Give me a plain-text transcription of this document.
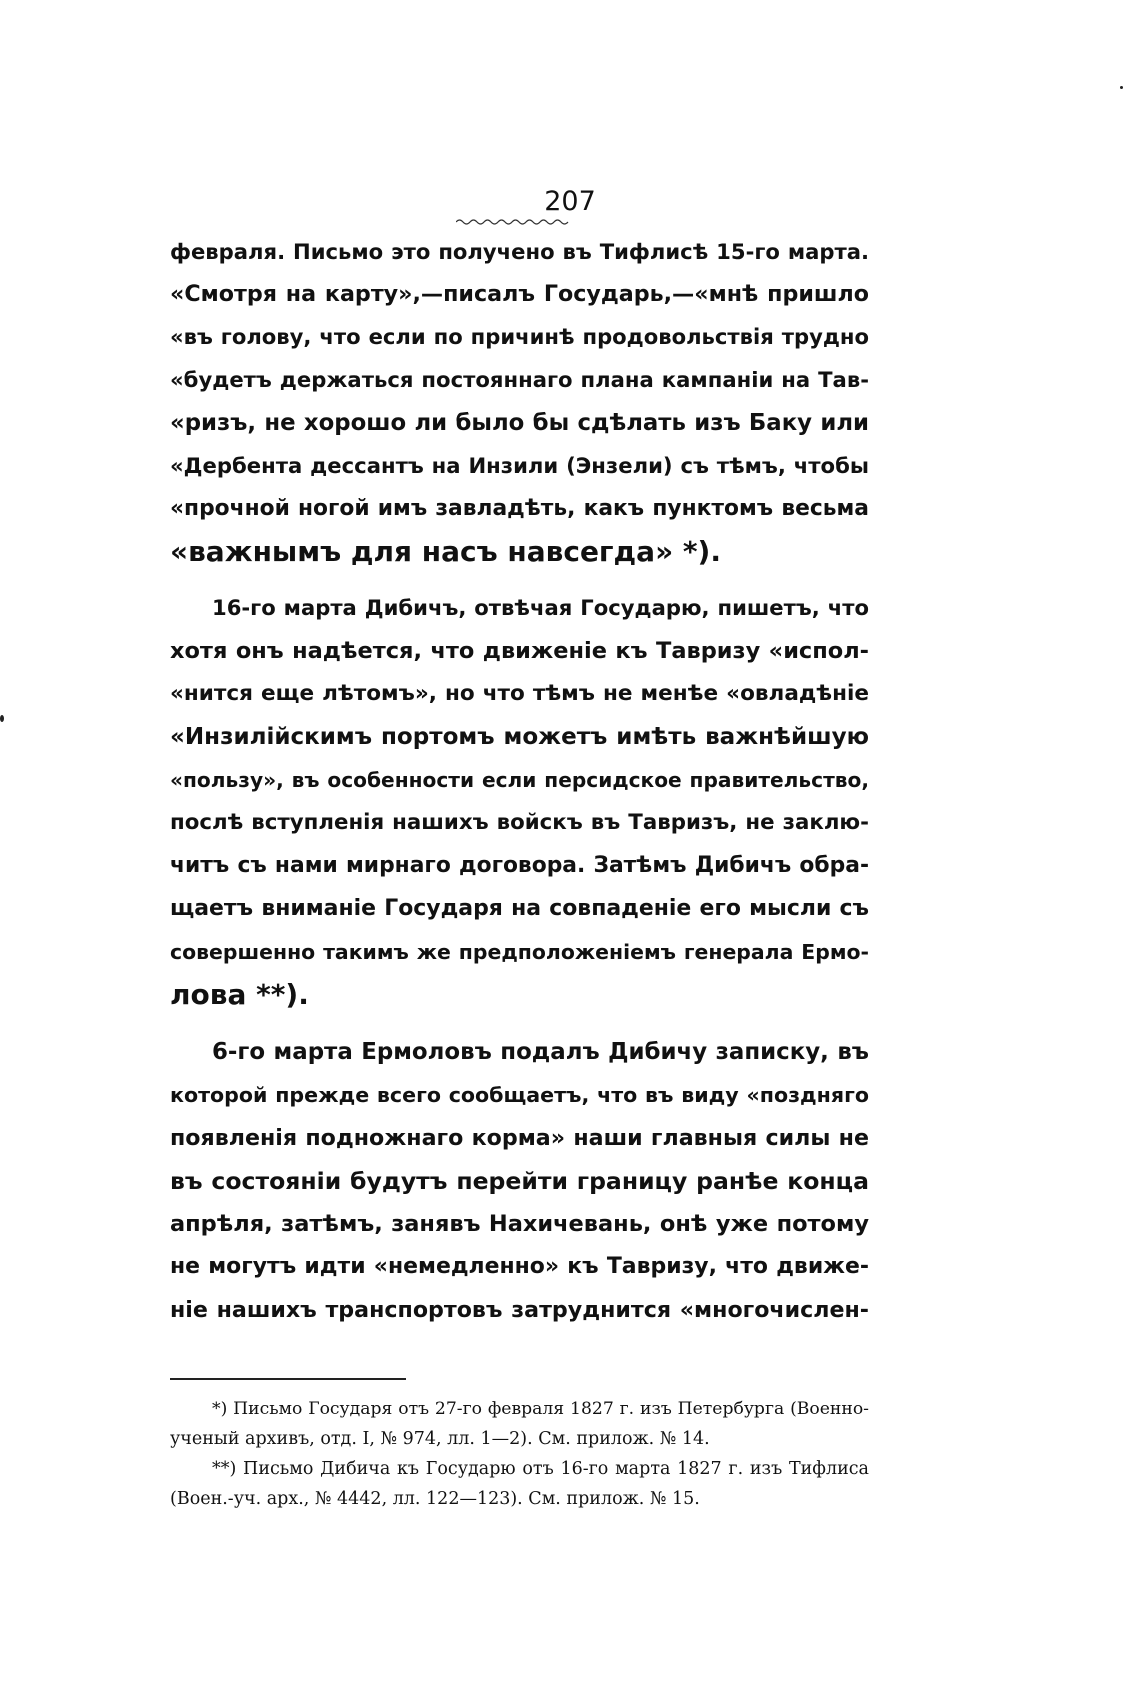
207
февраля. Письмо это получено въ Тифлисѣ 15-го марта.
«Смотря на карту»,—писалъ Государь,—«мнѣ пришло
«въ голову, что если по причинѣ продовольствія трудно
«будетъ держаться постояннаго плана кампаніи на Тав-
«ризъ, не хорошо ли было бы сдѣлать изъ Баку или
«Дербента дессантъ на Инзили (Энзели) съ тѣмъ, чтобы
«прочной ногой имъ завладѣть, какъ пунктомъ весьма
«важнымъ для насъ навсегда» *).
16-го марта Дибичъ, отвѣчая Государю, пишетъ, что
хотя онъ надѣется, что движеніе къ Тавризу «испол-
«нится еще лѣтомъ», но что тѣмъ не менѣе «овладѣніе
«Инзилійскимъ портомъ можетъ имѣть важнѣйшую
«пользу», въ особенности если персидское правительство,
послѣ вступленія нашихъ войскъ въ Тавризъ, не заклю-
читъ съ нами мирнаго договора. Затѣмъ Дибичъ обра-
щаетъ вниманіе Государя на совпаденіе его мысли съ
совершенно такимъ же предположеніемъ генерала Ермо-
лова **).
6-го марта Ермоловъ подалъ Дибичу записку, въ
которой прежде всего сообщаетъ, что въ виду «поздняго
появленія подножнаго корма» наши главныя силы не
въ состояніи будутъ перейти границу ранѣе конца
апрѣля, затѣмъ, занявъ Нахичевань, онѣ уже потому
не могутъ идти «немедленно» къ Тавризу, что движе-
ніе нашихъ транспортовъ затруднится «многочислен-
*) Письмо Государя отъ 27-го февраля 1827 г. изъ Петербурга (Военно-
ученый архивъ, отд. I, № 974, лл. 1—2). См. прилож. № 14.
**) Письмо Дибича къ Государю отъ 16-го марта 1827 г. изъ Тифлиса
(Воен.-уч. арх., № 4442, лл. 122—123). См. прилож. № 15.
